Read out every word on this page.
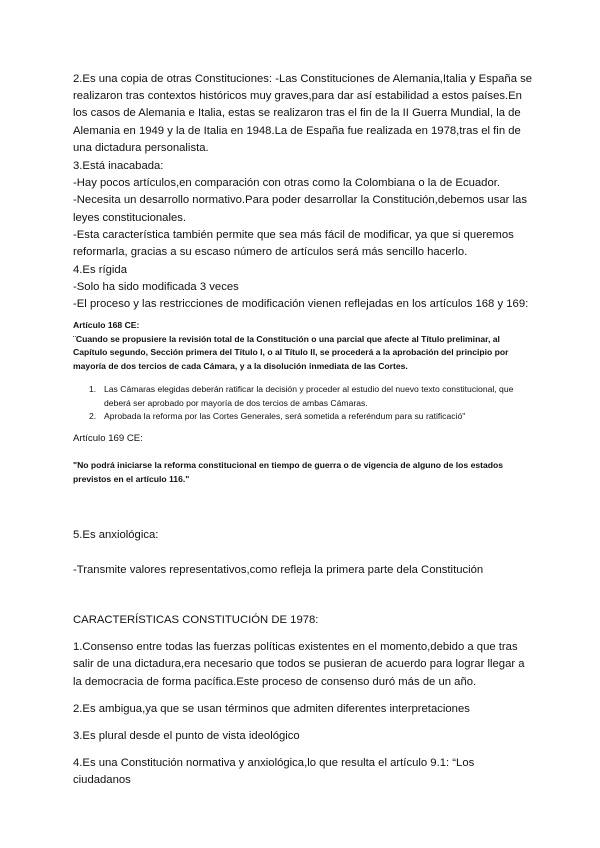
2.Es una copia de otras Constituciones: -Las Constituciones de Alemania,Italia y España se realizaron tras contextos históricos muy graves,para dar así estabilidad a estos países.En los casos de Alemania e Italia, estas se realizaron tras el fin de la II Guerra Mundial, la de Alemania en 1949 y la de Italia en 1948.La de España fue realizada en 1978,tras el fin de una dictadura personalista.

3.Está inacabada:

-Hay pocos artículos,en comparación con otras como la Colombiana o la de Ecuador.

-Necesita un desarrollo normativo.Para poder desarrollar la Constitución,debemos usar las leyes constitucionales.

-Esta característica también permite que sea más fácil de modificar, ya que si queremos reformarla, gracias a su escaso número de artículos será más sencillo hacerlo.

4.Es rígida

-Solo ha sido modificada 3 veces

-El proceso y las restricciones de modificación vienen reflejadas en los artículos 168 y 169:

Artículo 168 CE:

¨Cuando se propusiere la revisión total de la Constitución o una parcial que afecte al Título preliminar, al Capítulo segundo, Sección primera del Título I, o al Título II, se procederá a la aprobación del principio por mayoría de dos tercios de cada Cámara, y a la disolución inmediata de las Cortes.

1. Las Cámaras elegidas deberán ratificar la decisión y proceder al estudio del nuevo texto constitucional, que deberá ser aprobado por mayoría de dos tercios de ambas Cámaras.
2. Aprobada la reforma por las Cortes Generales, será sometida a referéndum para su ratificació"

Artículo 169 CE:

"No podrá iniciarse la reforma constitucional en tiempo de guerra o de vigencia de alguno de los estados previstos en el artículo 116."

5.Es anxiológica:

-Transmite valores representativos,como refleja la primera parte dela Constitución

CARACTERÍSTICAS CONSTITUCIÓN DE 1978:

1.Consenso entre todas las fuerzas políticas existentes en el momento,debido a que tras salir de una dictadura,era necesario que todos se pusieran de acuerdo para lograr llegar a la democracia de forma pacífica.Este proceso de consenso duró más de un año.

2.Es ambigua,ya que se usan términos que admiten diferentes interpretaciones

3.Es plural desde el punto de vista ideológico

4.Es una Constitución normativa y anxiológica,lo que resulta el artículo 9.1: “Los ciudadanos
